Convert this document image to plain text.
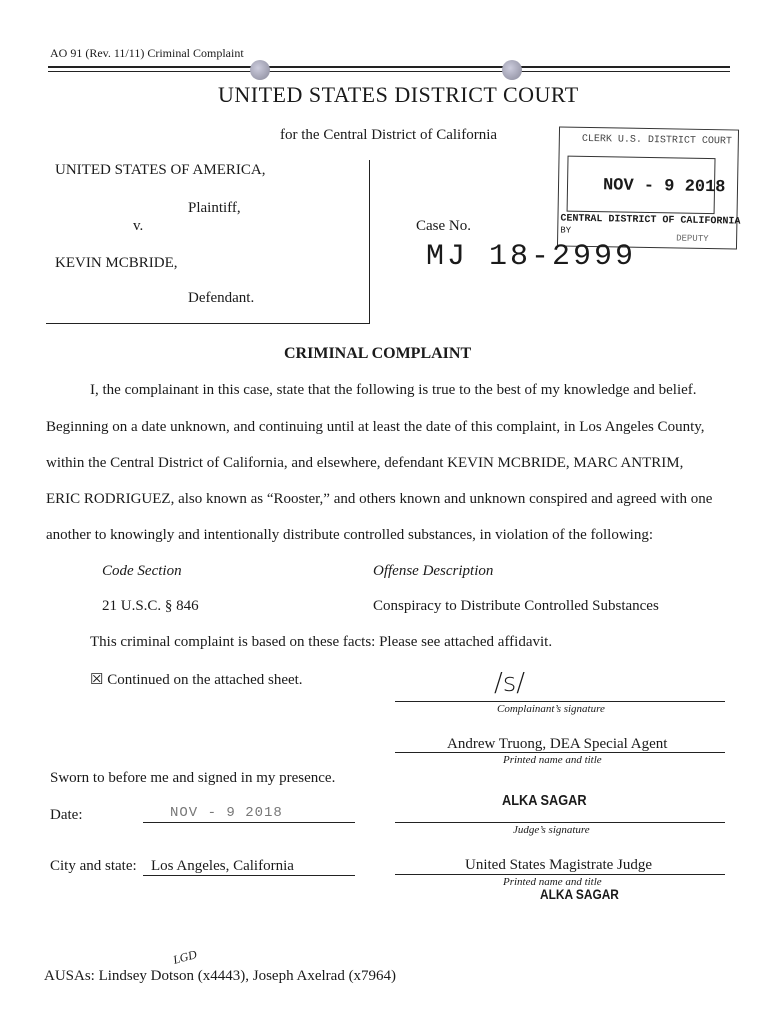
AO 91 (Rev. 11/11) Criminal Complaint
UNITED STATES DISTRICT COURT
for the Central District of California	CLERK U.S. DISTRICT COURT
NOV - 9 2018
CENTRAL DISTRICT OF CALIFORNIA
BY
DEPUTY
UNITED STATES OF AMERICA,
Plaintiff,
v.
KEVIN MCBRIDE,
Defendant.
Case No.
MJ 18-2999
CRIMINAL COMPLAINT
I, the complainant in this case, state that the following is true to the best of my knowledge and belief.
Beginning on a date unknown, and continuing until at least the date of this complaint, in Los Angeles County,
within the Central District of California, and elsewhere, defendant KEVIN MCBRIDE, MARC ANTRIM,
ERIC RODRIGUEZ, also known as “Rooster,” and others known and unknown conspired and agreed with one
another to knowingly and intentionally distribute controlled substances, in violation of the following:
Code Section	Offense Description
21 U.S.C. § 846	Conspiracy to Distribute Controlled Substances
This criminal complaint is based on these facts: Please see attached affidavit.
☒ Continued on the attached sheet.	/s/
Complainant’s signature
Andrew Truong, DEA Special Agent
Printed name and title
Sworn to before me and signed in my presence.
Date:	NOV - 9 2018
ALKA SAGAR
Judge’s signature
City and state: Los Angeles, California	United States Magistrate Judge
Printed name and title
ALKA SAGAR
LGD
AUSAs: Lindsey Dotson (x4443), Joseph Axelrad (x7964)
